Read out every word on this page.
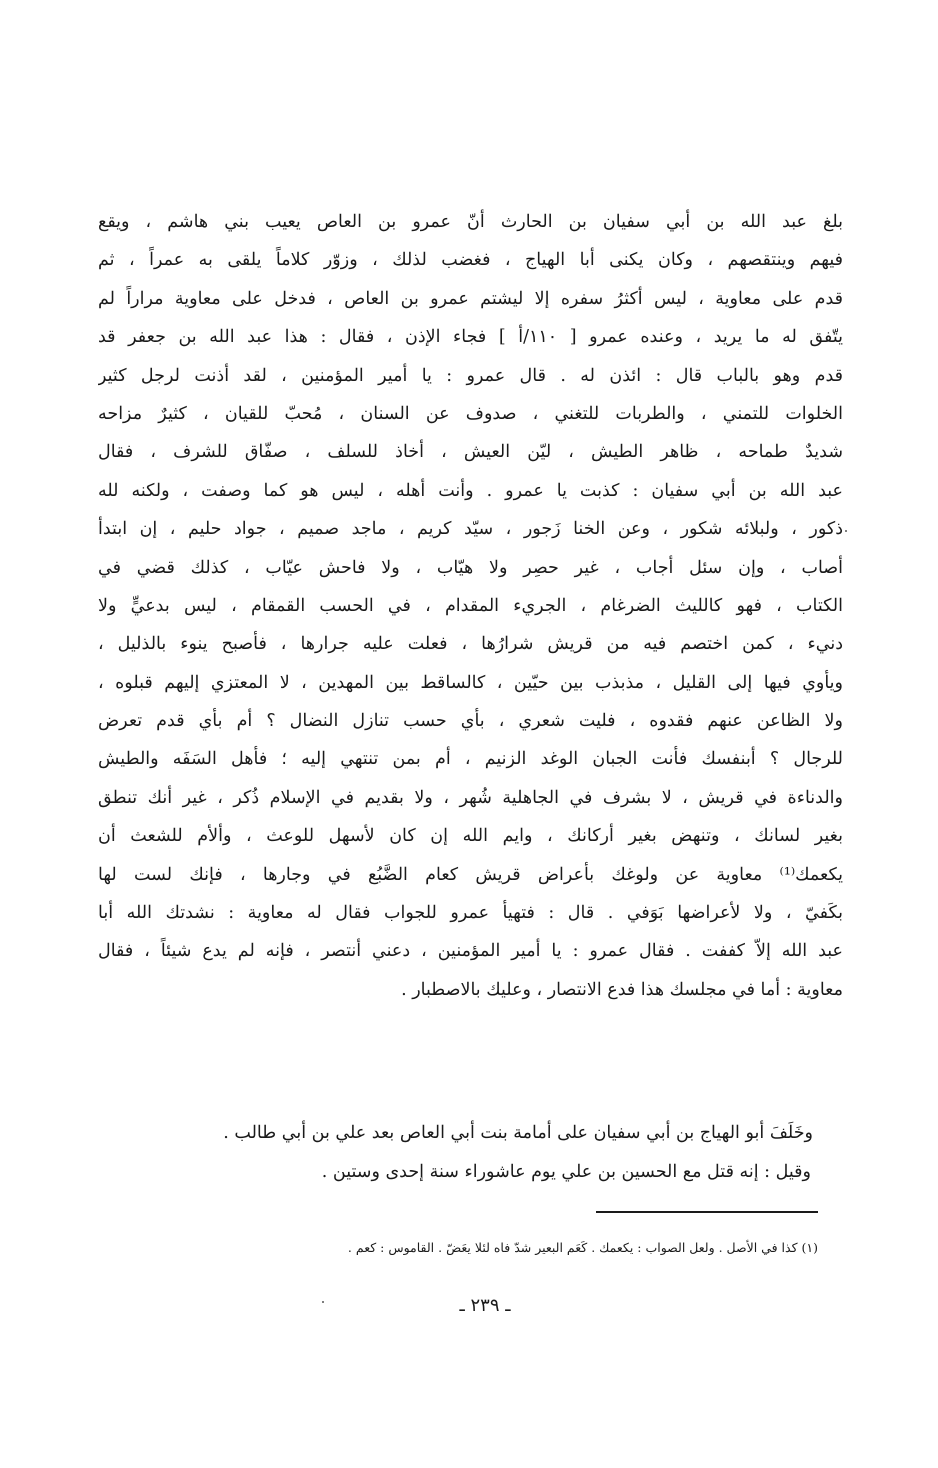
بلغ عبد الله بن أبي سفيان بن الحارث أنّ عمرو بن العاص يعيب بني هاشم ، ويقع
فيهم وينتقصهم ، وكان يكنى أبا الهياج ، فغضب لذلك ، وزوّر كلاماً يلقى به عمراً ، ثم
قدم على معاوية ، ليس أكثرُ سفره إلا ليشتم عمرو بن العاص ، فدخل على معاوية مراراً لم
يتّفق له ما يريد ، وعنده عمرو [ ١١٠/أ ] فجاء الإذن ، فقال : هذا عبد الله بن جعفر قد
قدم وهو بالباب قال : ائذن له . قال عمرو : يا أمير المؤمنين ، لقد أذنت لرجل كثير
الخلوات للتمني ، والطربات للتغني ، صدوف عن السنان ، مُحبّ للقيان ، كثيرٌ مزاحه
شديدٌ طماحه ، ظاهر الطيش ، ليّن العيش ، أخاذ للسلف ، صفّاق للشرف ، فقال
عبد الله بن أبي سفيان : كذبت يا عمرو . وأنت أهله ، ليس هو كما وصفت ، ولكنه لله
ذكور ، ولبلائه شكور ، وعن الخنا زَجور ، سيّد كريم ، ماجد صميم ، جواد حليم ، إن ابتدأ
أصاب ، وإن سئل أجاب ، غير حصِر ولا هيّاب ، ولا فاحش عيّاب ، كذلك قضي في
الكتاب ، فهو كالليث الضرغام ، الجريء المقدام ، في الحسب القمقام ، ليس بدعيٍّ ولا
دنيء ، كمن اختصم فيه من قريش شرارُها ، فعلت عليه جرارها ، فأصبح ينوء بالذليل ،
ويأوي فيها إلى القليل ، مذبذب بين حيّين ، كالساقط بين المهدين ، لا المعتزي إليهم قبلوه ،
ولا الظاعن عنهم فقدوه ، فليت شعري ، بأي حسب تنازل النضال ؟ أم بأي قدم تعرض
للرجال ؟ أبنفسك فأنت الجبان الوغد الزنيم ، أم بمن تنتهي إليه ؛ فأهل السَفَه والطيش
والدناءة في قريش ، لا بشرف في الجاهلية شُهر ، ولا بقديم في الإسلام ذُكر ، غير أنك تنطق
بغير لسانك ، وتنهض بغير أركانك ، وايم الله إن كان لأسهل للوعث ، وألأم للشعث أن
يكعمك⁽¹⁾ معاوية عن ولوغك بأعراض قريش كعام الضَّبُع في وجارها ، فإنك لست لها
بكَفيّ ، ولا لأعراضها بَوَفي . قال : فتهيأ عمرو للجواب فقال له معاوية : نشدتك الله أبا
عبد الله إلاّ كففت . فقال عمرو : يا أمير المؤمنين ، دعني أنتصر ، فإنه لم يدع شيئاً ، فقال
معاوية : أما في مجلسك هذا فدع الانتصار ، وعليك بالاصطبار .
وخَلَفَ أبو الهياج بن أبي سفيان على أمامة بنت أبي العاص بعد علي بن أبي طالب .
وقيل : إنه قتل مع الحسين بن علي يوم عاشوراء سنة إحدى وستين .
(١) كذا في الأصل . ولعل الصواب : يكعمك . كَعَم البعير شدّ فاه لئلا يعَضّ . القاموس : كعم .
ـ ٢٣٩ ـ
